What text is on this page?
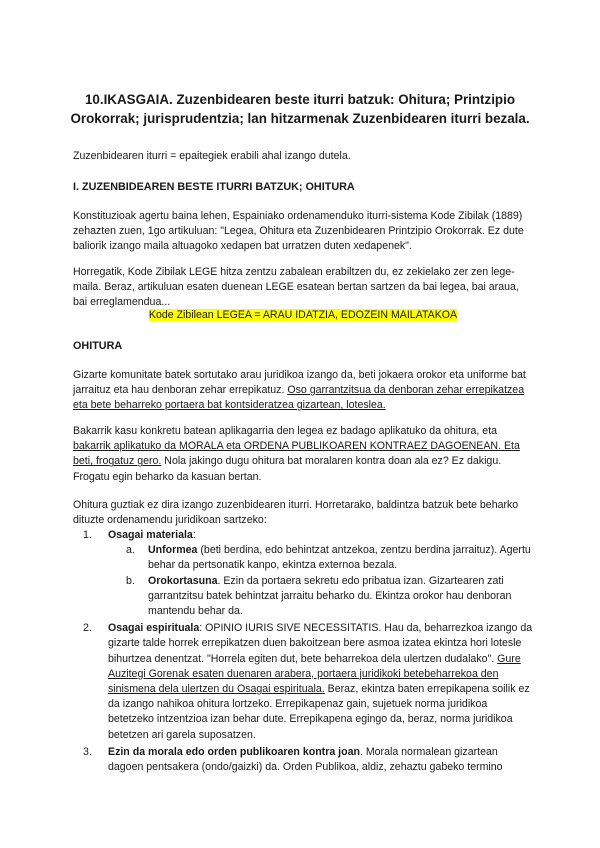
10.IKASGAIA. Zuzenbidearen beste iturri batzuk: Ohitura; Printzipio
Orokorrak; jurisprudentzia; lan hitzarmenak Zuzenbidearen iturri bezala.

Zuzenbidearen iturri = epaitegiek erabili ahal izango dutela.

I. ZUZENBIDEAREN BESTE ITURRI BATZUK; OHITURA

Konstituzioak agertu baina lehen, Espainiako ordenamenduko iturri-sistema Kode Zibilak (1889) zehazten zuen, 1go artikuluan: "Legea, Ohitura eta Zuzenbidearen Printzipio Orokorrak. Ez dute baliorik izango maila altuagoko xedapen bat urratzen duten xedapenek".

Horregatik, Kode Zibilak LEGE hitza zentzu zabalean erabiltzen du, ez zekielako zer zen lege-maila. Beraz, artikuluan esaten duenean LEGE esatean bertan sartzen da bai legea, bai araua, bai erreglamendua...

Kode Zibilean LEGEA = ARAU IDATZIA, EDOZEIN MAILATAKOA

OHITURA

Gizarte komunitate batek sortutako arau juridikoa izango da, beti jokaera orokor eta uniforme bat jarraituz eta hau denboran zehar errepikatuz. Oso garrantzitsua da denboran zehar errepikatzea eta bete beharreko portaera bat kontsideratzea gizartean, loteslea.

Bakarrik kasu konkretu batean aplikagarria den legea ez badago aplikatuko da ohitura, eta bakarrik aplikatuko da MORALA eta ORDENA PUBLIKOAREN KONTRAEZ DAGOENEAN. Eta beti, frogatuz gero. Nola jakingo dugu ohitura bat moralaren kontra doan ala ez? Ez dakigu. Frogatu egin beharko da kasuan bertan.

Ohitura guztiak ez dira izango zuzenbidearen iturri. Horretarako, baldintza batzuk bete beharko dituzte ordenamendu juridikoan sartzeko:

1. Osagai materiala:
a. Unformea (beti berdina, edo behintzat antzekoa, zentzu berdina jarraituz). Agertu behar da pertsonatik kanpo, ekintza externoa bezala.
b. Orokortasuna. Ezin da portaera sekretu edo pribatua izan. Gizartearen zati garrantzitsu batek behintzat jarraitu beharko du. Ekintza orokor hau denboran mantendu behar da.
2. Osagai espirituala: OPINIO IURIS SIVE NECESSITATIS. Hau da, beharrezkoa izango da gizarte talde horrek errepikatzen duen bakoitzean bere asmoa izatea ekintza hori lotesle bihurtzea denentzat. "Horrela egiten dut, bete beharrekoa dela ulertzen dudalako". Gure Auzitegi Gorenak esaten duenaren arabera, portaera juridikoki betebeharrekoa den sinismena dela ulertzen du Osagai espirituala. Beraz, ekintza baten errepikapena soilik ez da izango nahikoa ohitura lortzeko. Errepikapenaz gain, sujetuek norma juridikoa betetzeko intzentzioa izan behar dute. Errepikapena egingo da, beraz, norma juridikoa betetzen ari garela suposatzen.
3. Ezin da morala edo orden publikoaren kontra joan. Morala normalean gizartean dagoen pentsakera (ondo/gaizki) da. Orden Publikoa, aldiz, zehaztu gabeko termino
